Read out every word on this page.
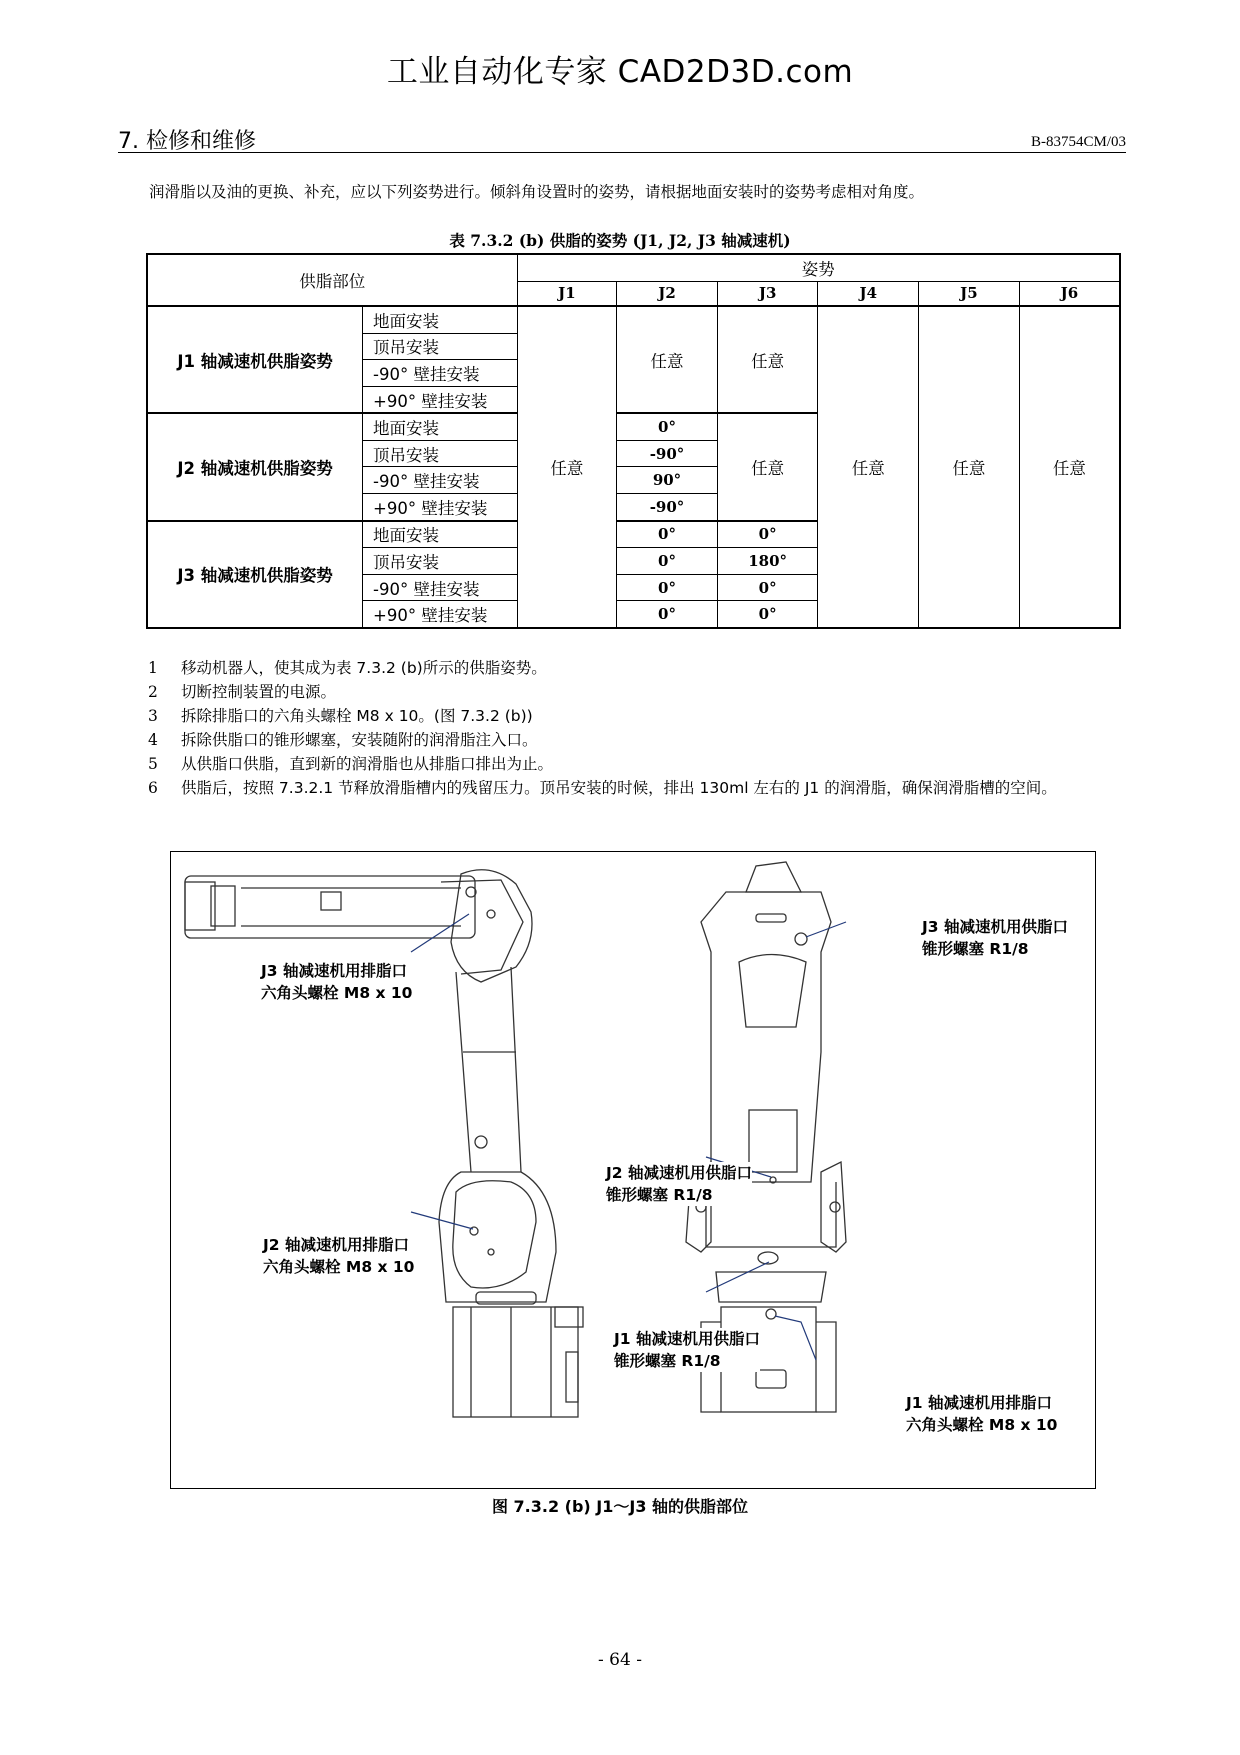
工业自动化专家 CAD2D3D.com
7. 检修和维修	B-83754CM/03
润滑脂以及油的更换、补充，应以下列姿势进行。倾斜角设置时的姿势，请根据地面安装时的姿势考虑相对角度。
表 7.3.2 (b) 供脂的姿势 (J1, J2, J3 轴减速机)
供脂部位		姿势					
		J1	J2	J3	J4	J5	J6
J1 轴减速机供脂姿势	地面安装	任意	任意	任意	任意	任意	任意
	顶吊安装						
	-90° 壁挂安装						
	+90° 壁挂安装						
J2 轴减速机供脂姿势	地面安装		0°	任意			
	顶吊安装		-90°				
	-90° 壁挂安装		90°				
	+90° 壁挂安装		-90°				
J3 轴减速机供脂姿势	地面安装		0°	0°			
	顶吊安装		0°	180°			
	-90° 壁挂安装		0°	0°			
	+90° 壁挂安装		0°	0°			
1 移动机器人，使其成为表 7.3.2 (b)所示的供脂姿势。
2 切断控制装置的电源。
3 拆除排脂口的六角头螺栓 M8 x 10。(图 7.3.2 (b))
4 拆除供脂口的锥形螺塞，安装随附的润滑脂注入口。
5 从供脂口供脂，直到新的润滑脂也从排脂口排出为止。
6 供脂后，按照 7.3.2.1 节释放滑脂槽内的残留压力。顶吊安装的时候，排出 130ml 左右的 J1 的润滑脂，确保润滑脂槽的空间。
J3 轴减速机用排脂口
六角头螺栓 M8 x 10
J2 轴减速机用排脂口
六角头螺栓 M8 x 10
J3 轴减速机用供脂口
锥形螺塞 R1/8
J2 轴减速机用供脂口
锥形螺塞 R1/8
J1 轴减速机用供脂口
锥形螺塞 R1/8
J1 轴减速机用排脂口
六角头螺栓 M8 x 10
图 7.3.2 (b) J1～J3 轴的供脂部位
- 64 -
